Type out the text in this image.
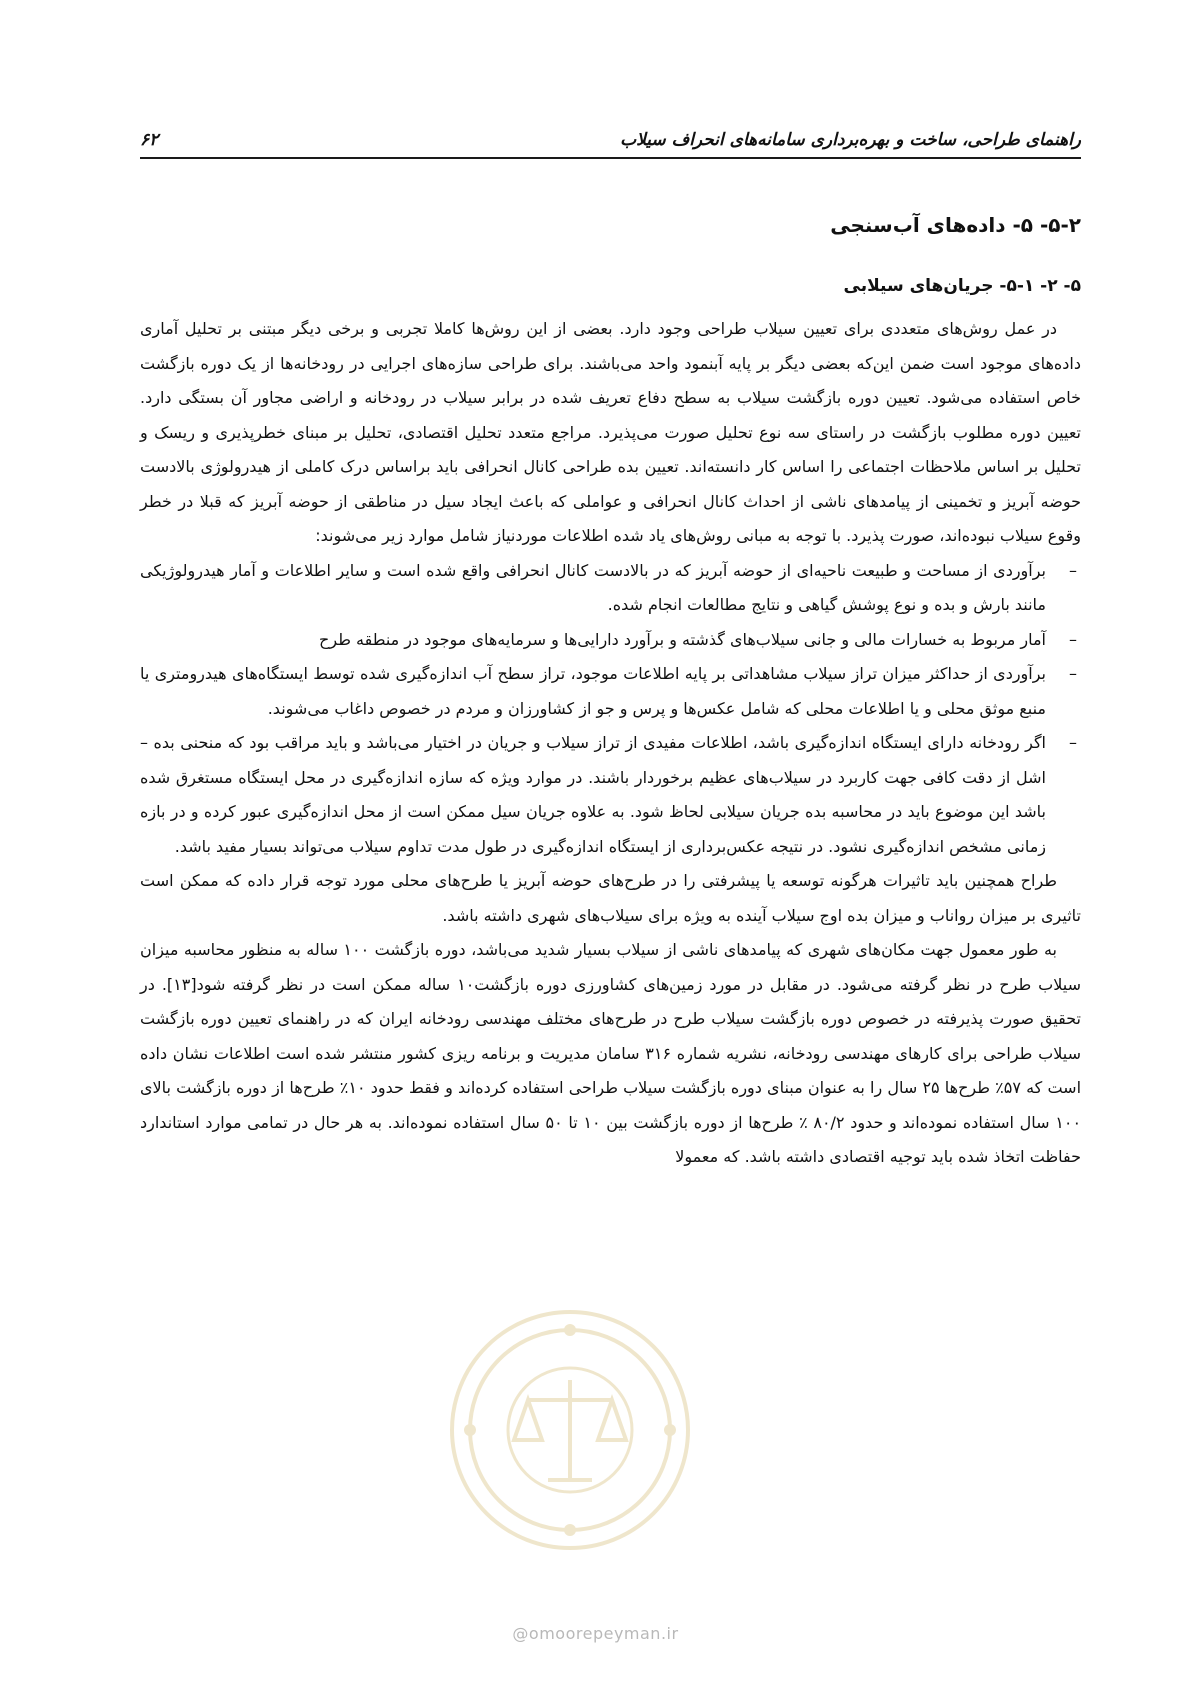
راهنمای طراحی، ساخت و بهره‌برداری سامانه‌های انحراف سیلاب
۶۲
۵-۲- ۵- داده‌های آب‌سنجی
۵- ۲- ۵-۱- جریان‌های سیلابی

در عمل روش‌های متعددی برای تعیین سیلاب طراحی وجود دارد. بعضی از این روش‌ها کاملا تجربی و برخی دیگر مبتنی بر تحلیل آماری داده‌های موجود است ضمن این‌که بعضی دیگر بر پایه آبنمود واحد می‌باشند. برای طراحی سازه‌های اجرایی در رودخانه‌ها از یک دوره بازگشت خاص استفاده می‌شود. تعیین دوره بازگشت سیلاب به سطح دفاع تعریف شده در برابر سیلاب در رودخانه و اراضی مجاور آن بستگی دارد. تعیین دوره مطلوب بازگشت در راستای سه نوع تحلیل صورت می‌پذیرد. مراجع متعدد تحلیل اقتصادی، تحلیل بر مبنای خطرپذیری و ریسک و تحلیل بر اساس ملاحظات اجتماعی را اساس کار دانسته‌اند. تعیین بده طراحی کانال انحرافی باید براساس درک کاملی از هیدرولوژی بالادست حوضه آبریز و تخمینی از پیامدهای ناشی از احداث کانال انحرافی و عواملی که باعث ایجاد سیل در مناطقی از حوضه آبریز که قبلا در خطر وقوع سیلاب نبوده‌اند، صورت پذیرد. با توجه به مبانی روش‌های یاد شده اطلاعات موردنیاز شامل موارد زیر می‌شوند:

–
برآوردی از مساحت و طبیعت ناحیه‌ای از حوضه آبریز که در بالادست کانال انحرافی واقع شده است و سایر اطلاعات و آمار هیدرولوژیکی مانند بارش و بده و نوع پوشش گیاهی و نتایج مطالعات انجام شده.
–
آمار مربوط به خسارات مالی و جانی سیلاب‌های گذشته و برآورد دارایی‌ها و سرمایه‌های موجود در منطقه طرح
–
برآوردی از حداکثر میزان تراز سیلاب مشاهداتی بر پایه اطلاعات موجود، تراز سطح آب اندازه‌گیری شده توسط ایستگاه‌های هیدرومتری یا منبع موثق محلی و یا اطلاعات محلی که شامل عکس‌ها و پرس و جو از کشاورزان و مردم در خصوص داغاب می‌شوند.
–
اگر رودخانه دارای ایستگاه اندازه‌گیری باشد، اطلاعات مفیدی از تراز سیلاب و جریان در اختیار می‌باشد و باید مراقب بود که منحنی بده – اشل از دقت کافی جهت کاربرد در سیلاب‌های عظیم برخوردار باشند. در موارد ویژه که سازه اندازه‌گیری در محل ایستگاه مستغرق شده باشد این موضوع باید در محاسبه بده جریان سیلابی لحاظ شود. به علاوه جریان سیل ممکن است از محل اندازه‌گیری عبور کرده و در بازه زمانی مشخص اندازه‌گیری نشود. در نتیجه عکس‌برداری از ایستگاه اندازه‌گیری در طول مدت تداوم سیلاب می‌تواند بسیار مفید باشد.

طراح همچنین باید تاثیرات هرگونه توسعه یا پیشرفتی را در طرح‌های حوضه آبریز یا طرح‌های محلی مورد توجه قرار داده که ممکن است تاثیری بر میزان رواناب و میزان بده اوج سیلاب آینده به ویژه برای سیلاب‌های شهری داشته باشد.

به طور معمول جهت مکان‌های شهری که پیامدهای ناشی از سیلاب بسیار شدید می‌باشد، دوره بازگشت ۱۰۰ ساله به منظور محاسبه میزان سیلاب طرح در نظر گرفته می‌شود. در مقابل در مورد زمین‌های کشاورزی دوره بازگشت۱۰ ساله ممکن است در نظر گرفته شود[۱۳]. در تحقیق صورت پذیرفته در خصوص دوره بازگشت سیلاب طرح در طرح‌های مختلف مهندسی رودخانه ایران که در راهنمای تعیین دوره بازگشت سیلاب طراحی برای کارهای مهندسی رودخانه، نشریه شماره ۳۱۶ سامان مدیریت و برنامه ریزی کشور منتشر شده است اطلاعات نشان داده است که ۵۷٪ طرح‌ها ۲۵ سال را به عنوان مبنای دوره بازگشت سیلاب طراحی استفاده کرده‌اند و فقط حدود ۱۰٪ طرح‌ها از دوره بازگشت بالای ۱۰۰ سال استفاده نموده‌اند و حدود ۸۰/۲ ٪ طرح‌ها از دوره بازگشت بین ۱۰ تا ۵۰ سال استفاده نموده‌اند. به هر حال در تمامی موارد استاندارد حفاظت اتخاذ شده باید توجیه اقتصادی داشته باشد. که معمولا

@omoorepeyman.ir
